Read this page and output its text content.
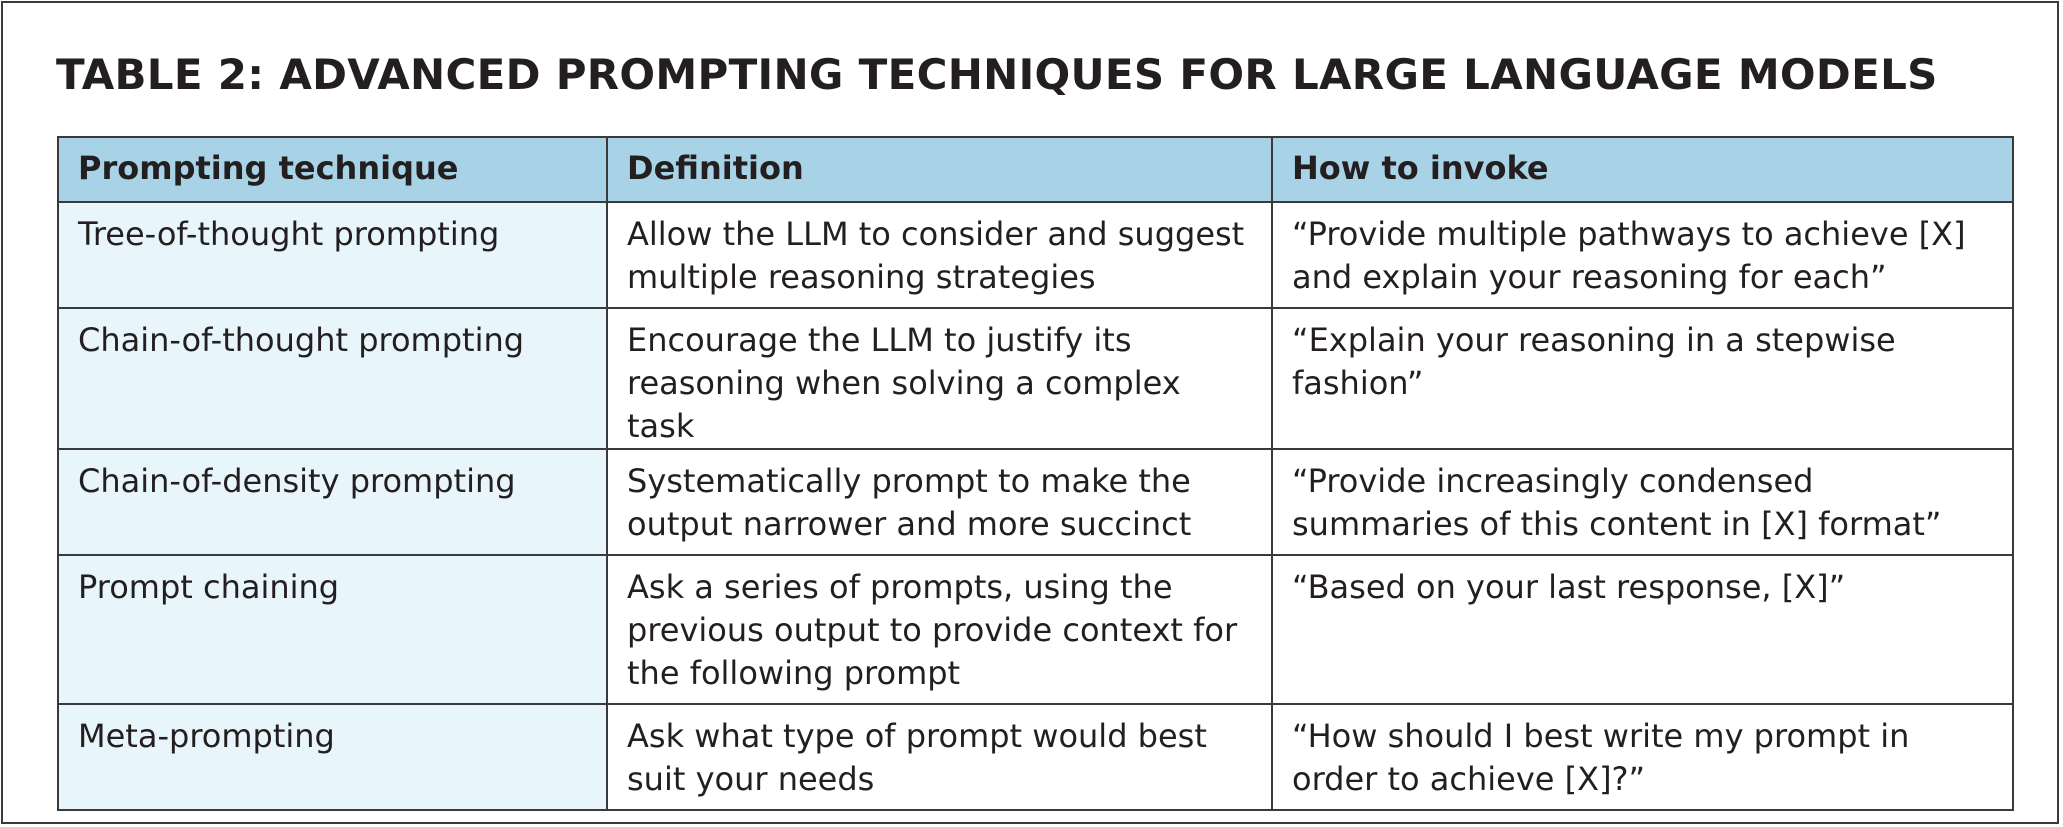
TABLE 2: ADVANCED PROMPTING TECHNIQUES FOR LARGE LANGUAGE MODELS
Prompting technique	Definition	How to invoke
Tree-of-thought prompting	Allow the LLM to consider and suggest multiple reasoning strategies	“Provide multiple pathways to achieve [X] and explain your reasoning for each”
Chain-of-thought prompting	Encourage the LLM to justify its reasoning when solving a complex task	“Explain your reasoning in a stepwise fashion”
Chain-of-density prompting	Systematically prompt to make the output narrower and more succinct	“Provide increasingly condensed summaries of this content in [X] format”
Prompt chaining	Ask a series of prompts, using the previous output to provide context for the following prompt	“Based on your last response, [X]”
Meta-prompting	Ask what type of prompt would best suit your needs	“How should I best write my prompt in order to achieve [X]?”
